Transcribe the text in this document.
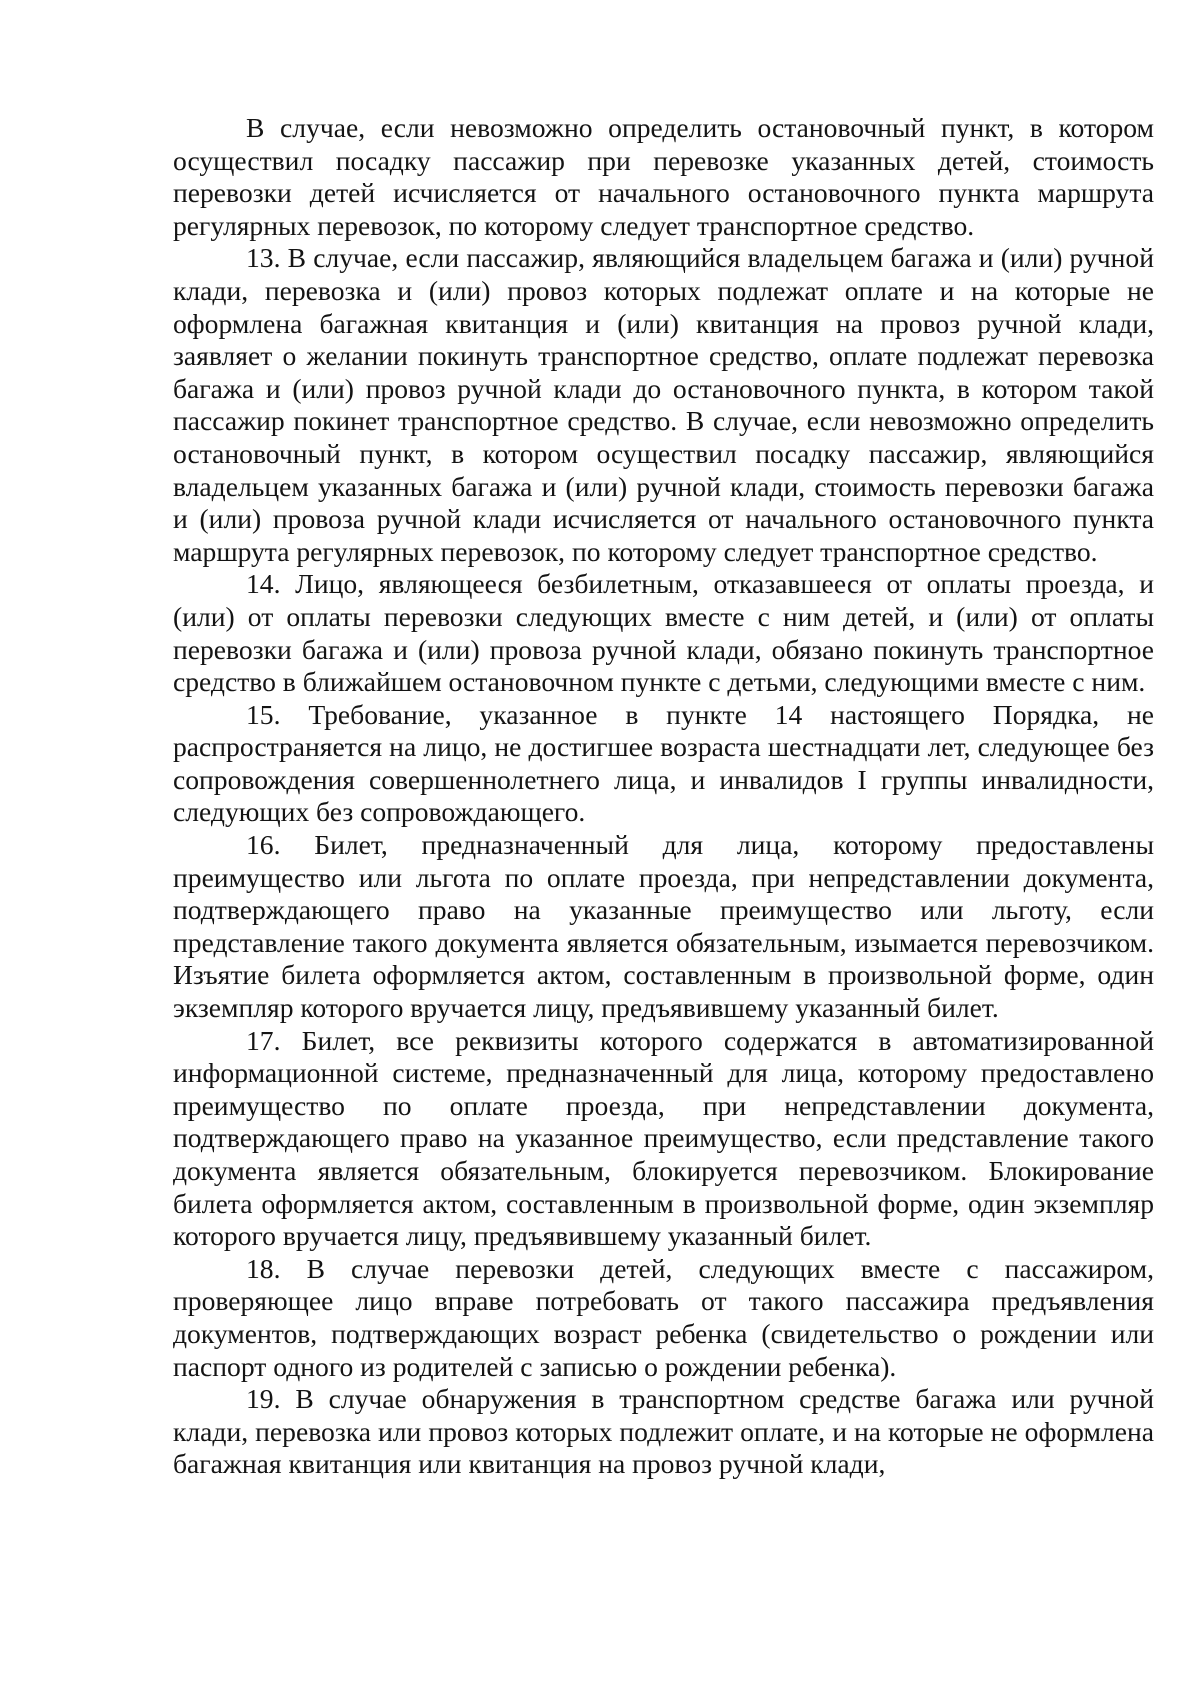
В случае, если невозможно определить остановочный пункт, в котором осуществил посадку пассажир при перевозке указанных детей, стоимость перевозки детей исчисляется от начального остановочного пункта маршрута регулярных перевозок, по которому следует транспортное средство.

13. В случае, если пассажир, являющийся владельцем багажа и (или) ручной клади, перевозка и (или) провоз которых подлежат оплате и на которые не оформлена багажная квитанция и (или) квитанция на провоз ручной клади, заявляет о желании покинуть транспортное средство, оплате подлежат перевозка багажа и (или) провоз ручной клади до остановочного пункта, в котором такой пассажир покинет транспортное средство. В случае, если невозможно определить остановочный пункт, в котором осуществил посадку пассажир, являющийся владельцем указанных багажа и (или) ручной клади, стоимость перевозки багажа и (или) провоза ручной клади исчисляется от начального остановочного пункта маршрута регулярных перевозок, по которому следует транспортное средство.

14. Лицо, являющееся безбилетным, отказавшееся от оплаты проезда, и (или) от оплаты перевозки следующих вместе с ним детей, и (или) от оплаты перевозки багажа и (или) провоза ручной клади, обязано покинуть транспортное средство в ближайшем остановочном пункте с детьми, следующими вместе с ним.

15. Требование, указанное в пункте 14 настоящего Порядка, не распространяется на лицо, не достигшее возраста шестнадцати лет, следующее без сопровождения совершеннолетнего лица, и инвалидов I группы инвалидности, следующих без сопровождающего.

16. Билет, предназначенный для лица, которому предоставлены преимущество или льгота по оплате проезда, при непредставлении документа, подтверждающего право на указанные преимущество или льготу, если представление такого документа является обязательным, изымается перевозчиком. Изъятие билета оформляется актом, составленным в произвольной форме, один экземпляр которого вручается лицу, предъявившему указанный билет.

17. Билет, все реквизиты которого содержатся в автоматизированной информационной системе, предназначенный для лица, которому предоставлено преимущество по оплате проезда, при непредставлении документа, подтверждающего право на указанное преимущество, если представление такого документа является обязательным, блокируется перевозчиком. Блокирование билета оформляется актом, составленным в произвольной форме, один экземпляр которого вручается лицу, предъявившему указанный билет.

18. В случае перевозки детей, следующих вместе с пассажиром, проверяющее лицо вправе потребовать от такого пассажира предъявления документов, подтверждающих возраст ребенка (свидетельство о рождении или паспорт одного из родителей с записью о рождении ребенка).

19. В случае обнаружения в транспортном средстве багажа или ручной клади, перевозка или провоз которых подлежит оплате, и на которые не оформлена багажная квитанция или квитанция на провоз ручной клади,
